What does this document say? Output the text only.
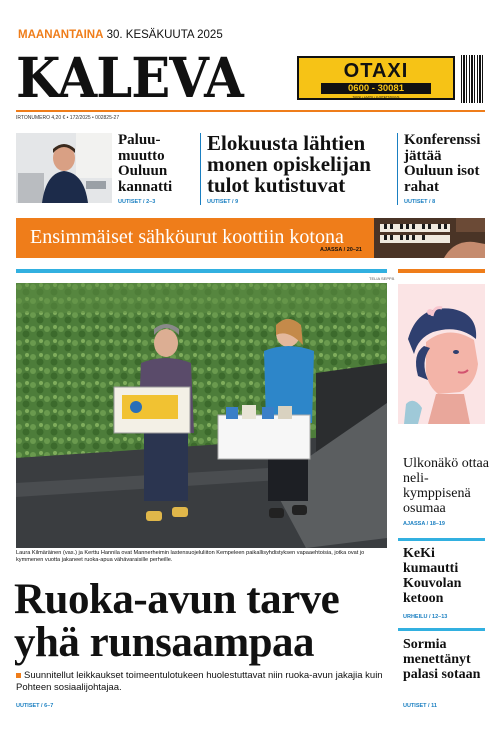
MAANANTAINA 30. KESÄKUUTA 2025
KALEVA	OTAXI
0600 - 30081
TAKSI • LAATU • LUOTETTAVUUS
IRTONUMERO 4,20 € • 172/2025 • 002825-27
Paluu-muutto Ouluun kannatti
UUTISET / 2–3
Elokuusta lähtien monen opiskelijan tulot kutistuvat
UUTISET / 9
Konferenssi jättää Ouluun isot rahat
UUTISET / 8
Ensimmäiset sähköurut koottiin kotona
AJASSA / 20–21
TELIA SEPPÄ
Laura Kilmäräinen (vas.) ja Kerttu Hannila ovat Mannerheimin lastensuojeluliiton Kempeleen paikallisyhdistyksen vapaaehtoisia, jotka ovat jo kymmenen vuotta jakaneet ruoka-apua vähävaraisille perheille.
Ruoka-avun tarve
yhä runsaampaa
Suunnitellut leikkaukset toimeentulotukeen huolestuttavat niin ruoka-avun jakajia kuin Pohteen sosiaalijohtajaa.
UUTISET / 6–7
Ulkonäkö ottaa neli-kymppisenä osumaa
AJASSA / 18–19
KeKi kumautti Kouvolan ketoon
URHEILU / 12–13
Sormia menettänyt palasi sotaan
UUTISET / 11
